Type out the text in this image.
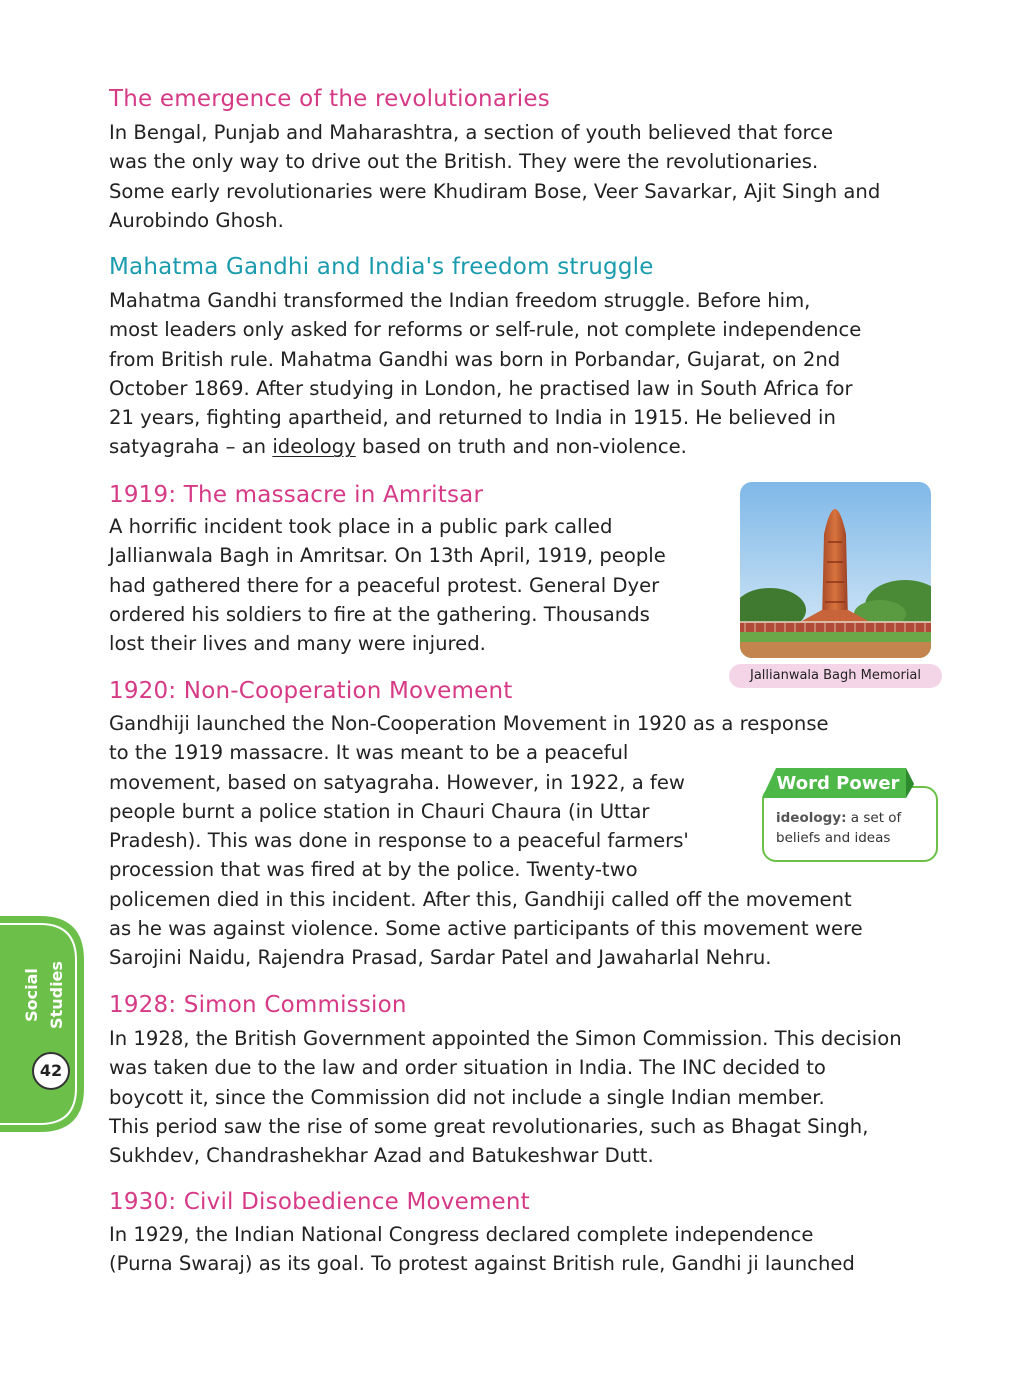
The emergence of the revolutionaries

In Bengal, Punjab and Maharashtra, a section of youth believed that force
was the only way to drive out the British. They were the revolutionaries.
Some early revolutionaries were Khudiram Bose, Veer Savarkar, Ajit Singh and
Aurobindo Ghosh.

Mahatma Gandhi and India's freedom struggle

Mahatma Gandhi transformed the Indian freedom struggle. Before him,
most leaders only asked for reforms or self-rule, not complete independence
from British rule. Mahatma Gandhi was born in Porbandar, Gujarat, on 2nd
October 1869. After studying in London, he practised law in South Africa for
21 years, fighting apartheid, and returned to India in 1915. He believed in
satyagraha – an ideology based on truth and non-violence.

1919: The massacre in Amritsar

A horrific incident took place in a public park called
Jallianwala Bagh in Amritsar. On 13th April, 1919, people
had gathered there for a peaceful protest. General Dyer
ordered his soldiers to fire at the gathering. Thousands
lost their lives and many were injured.

Jallianwala Bagh Memorial
1920: Non-Cooperation Movement

Gandhiji launched the Non-Cooperation Movement in 1920 as a response
to the 1919 massacre. It was meant to be a peaceful
movement, based on satyagraha. However, in 1922, a few
people burnt a police station in Chauri Chaura (in Uttar
Pradesh). This was done in response to a peaceful farmers'
procession that was fired at by the police. Twenty-two
policemen died in this incident. After this, Gandhiji called off the movement
as he was against violence. Some active participants of this movement were
Sarojini Naidu, Rajendra Prasad, Sardar Patel and Jawaharlal Nehru.

Word Power
ideology: a set of
beliefs and ideas
1928: Simon Commission

In 1928, the British Government appointed the Simon Commission. This decision
was taken due to the law and order situation in India. The INC decided to
boycott it, since the Commission did not include a single Indian member.
This period saw the rise of some great revolutionaries, such as Bhagat Singh,
Sukhdev, Chandrashekhar Azad and Batukeshwar Dutt.

1930: Civil Disobedience Movement

In 1929, the Indian National Congress declared complete independence
(Purna Swaraj) as its goal. To protest against British rule, Gandhi ji launched

Social Studies
42
